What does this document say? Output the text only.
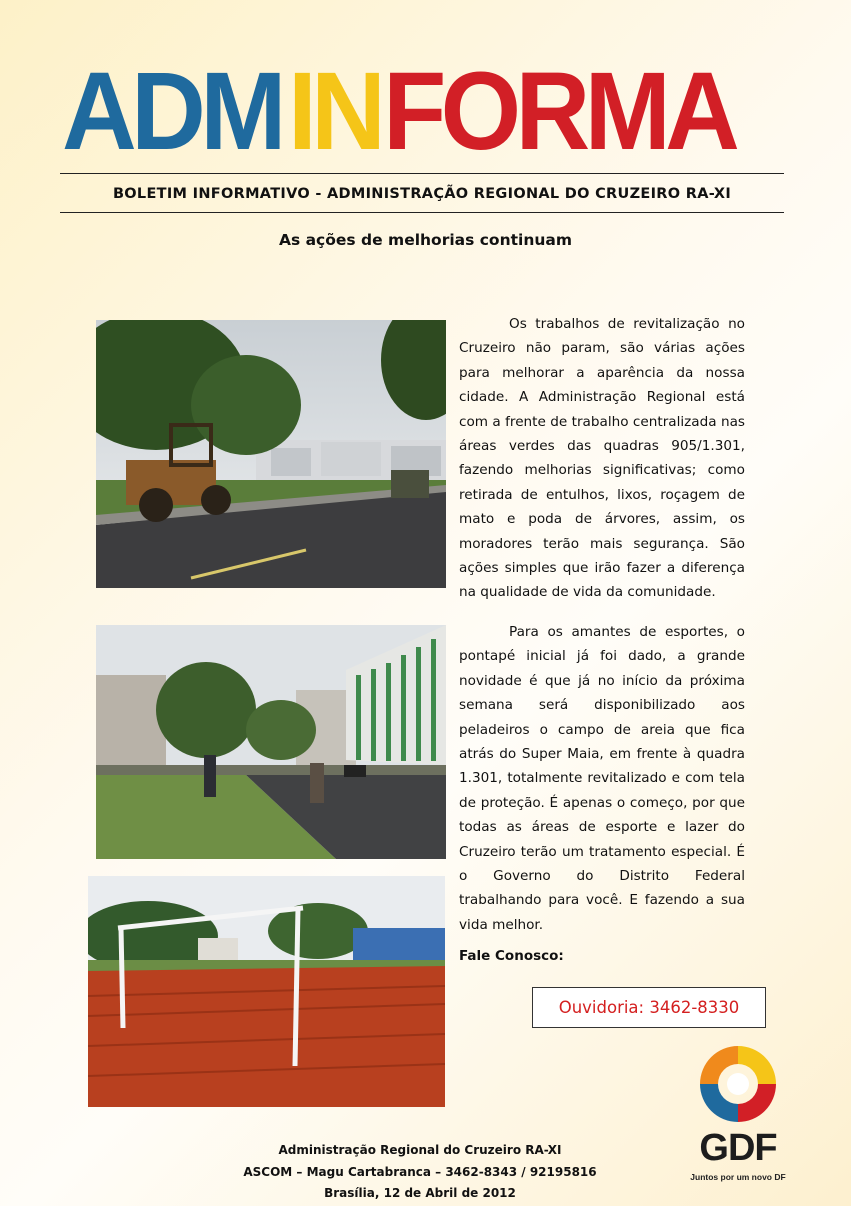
ADMINFORMA
BOLETIM INFORMATIVO - ADMINISTRAÇÃO REGIONAL DO CRUZEIRO RA-XI
As ações de melhorias continuam

Os trabalhos de revitalização no Cruzeiro não param, são várias ações para melhorar a aparência da nossa cidade. A Administração Regional está com a frente de trabalho centralizada nas áreas verdes das quadras 905/1.301, fazendo melhorias significativas; como retirada de entulhos, lixos, roçagem de mato e poda de árvores, assim, os moradores terão mais segurança. São ações simples que irão fazer a diferença na qualidade de vida da comunidade.

Para os amantes de esportes, o pontapé inicial já foi dado, a grande novidade é que já no início da próxima semana será disponibilizado aos peladeiros o campo de areia que fica atrás do Super Maia, em frente à quadra 1.301, totalmente revitalizado e com tela de proteção. É apenas o começo, por que todas as áreas de esporte e lazer do Cruzeiro terão um tratamento especial. É o Governo do Distrito Federal trabalhando para você. E fazendo a sua vida melhor.

Fale Conosco:
Ouvidoria: 3462-8330
Administração Regional do Cruzeiro RA-XI
ASCOM – Magu Cartabranca – 3462-8343 / 92195816
Brasília, 12 de Abril de 2012
GDF
Juntos por um novo DF
